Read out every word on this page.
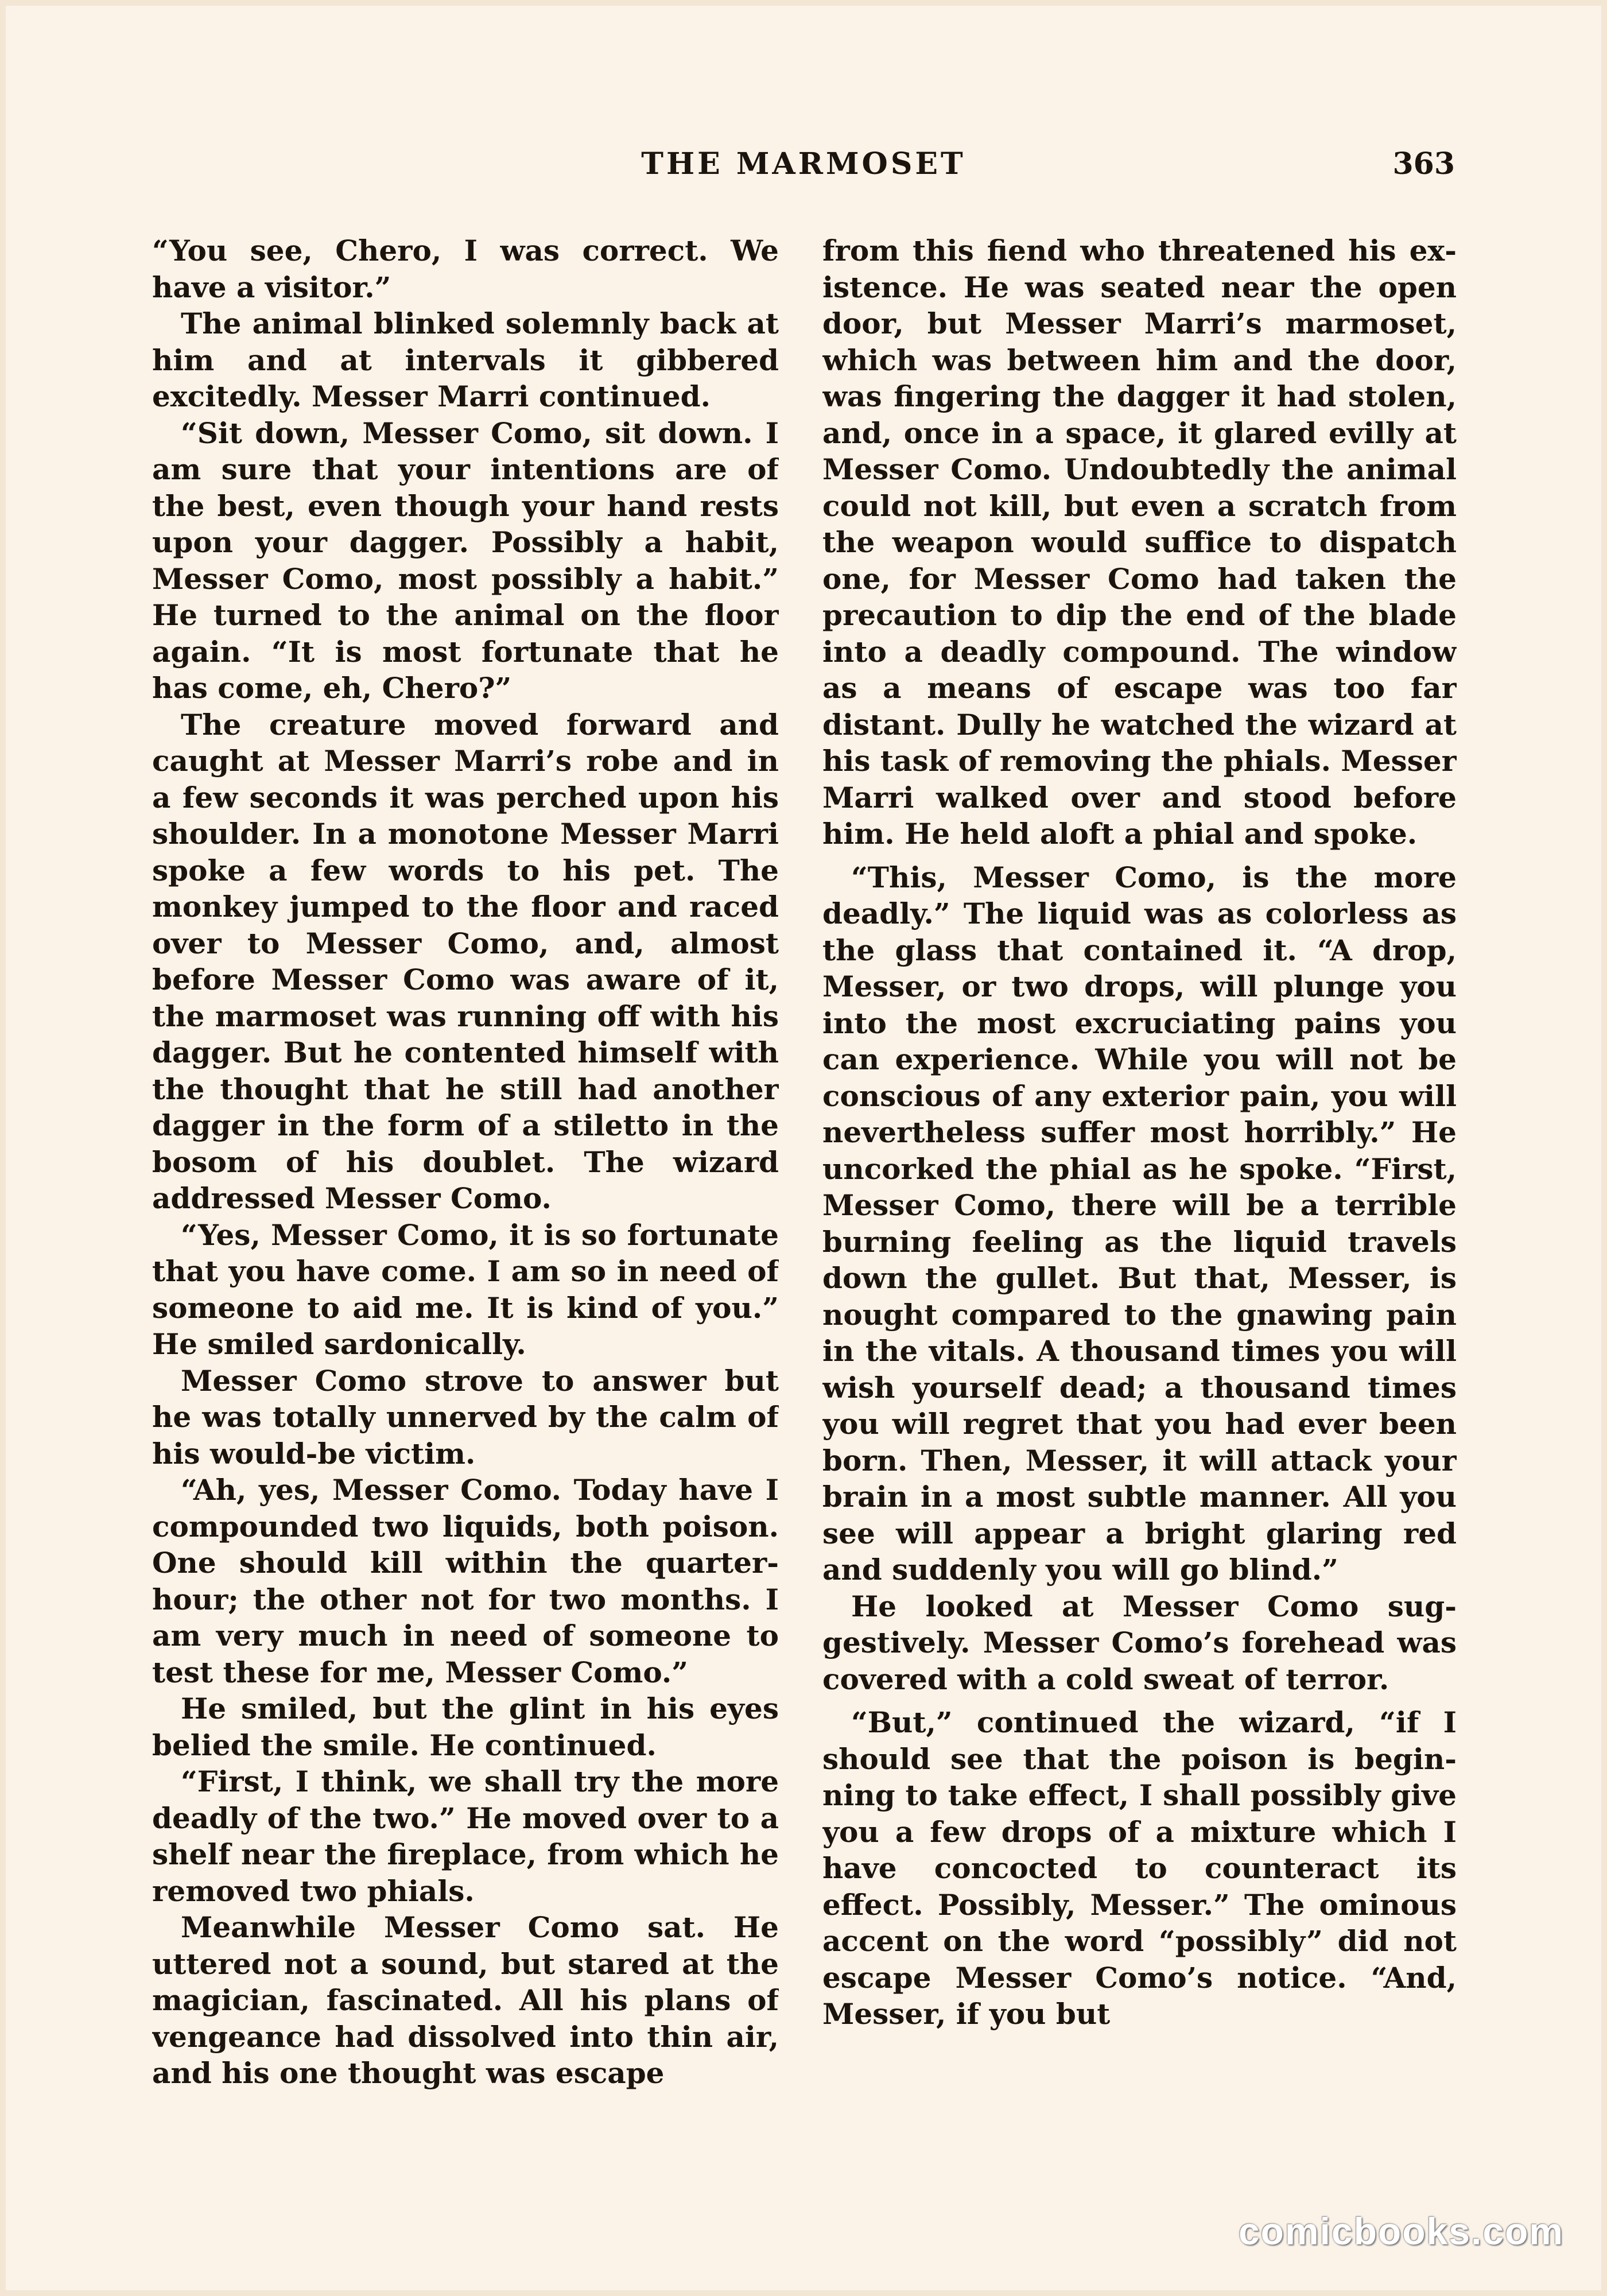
THE MARMOSET	363

“You see, Chero, I was correct. We have a visitor.”

The animal blinked solemnly back at him and at intervals it gibbered excitedly. Messer Marri continued.

“Sit down, Messer Como, sit down. I am sure that your intentions are of the best, even though your hand rests upon your dagger. Possibly a habit, Messer Como, most possibly a habit.” He turned to the animal on the floor again. “It is most fortunate that he has come, eh, Chero?”

The creature moved forward and caught at Messer Marri’s robe and in a few seconds it was perched upon his shoulder. In a monotone Messer Marri spoke a few words to his pet. The monkey jumped to the floor and raced over to Messer Como, and, almost before Messer Como was aware of it, the marmoset was running off with his dagger. But he contented himself with the thought that he still had another dagger in the form of a stiletto in the bosom of his doublet. The wizard addressed Messer Como.

“Yes, Messer Como, it is so fortunate that you have come. I am so in need of someone to aid me. It is kind of you.” He smiled sardonically.

Messer Como strove to answer but he was totally unnerved by the calm of his would-be victim.

“Ah, yes, Messer Como. Today have I compounded two liquids, both poison. One should kill within the quarter-hour; the other not for two months. I am very much in need of someone to test these for me, Messer Como.”

He smiled, but the glint in his eyes belied the smile. He continued.

“First, I think, we shall try the more deadly of the two.” He moved over to a shelf near the fireplace, from which he removed two phials.

Meanwhile Messer Como sat. He uttered not a sound, but stared at the magician, fascinated. All his plans of vengeance had dissolved into thin air, and his one thought was escape

from this fiend who threatened his existence. He was seated near the open door, but Messer Marri’s marmoset, which was between him and the door, was fingering the dagger it had stolen, and, once in a space, it glared evilly at Messer Como. Undoubtedly the animal could not kill, but even a scratch from the weapon would suffice to dispatch one, for Messer Como had taken the precaution to dip the end of the blade into a deadly compound. The window as a means of escape was too far distant. Dully he watched the wizard at his task of removing the phials. Messer Marri walked over and stood before him. He held aloft a phial and spoke.

“This, Messer Como, is the more deadly.” The liquid was as colorless as the glass that contained it. “A drop, Messer, or two drops, will plunge you into the most excruciating pains you can experience. While you will not be conscious of any exterior pain, you will nevertheless suffer most horribly.” He uncorked the phial as he spoke. “First, Messer Como, there will be a terrible burning feeling as the liquid travels down the gullet. But that, Messer, is nought compared to the gnawing pain in the vitals. A thousand times you will wish yourself dead; a thousand times you will regret that you had ever been born. Then, Messer, it will attack your brain in a most subtle manner. All you see will appear a bright glaring red and suddenly you will go blind.”

He looked at Messer Como suggestively. Messer Como’s forehead was covered with a cold sweat of terror.

“But,” continued the wizard, “if I should see that the poison is beginning to take effect, I shall possibly give you a few drops of a mixture which I have concocted to counteract its effect. Possibly, Messer.” The ominous accent on the word “possibly” did not escape Messer Como’s notice. “And, Messer, if you but

comicbooks.com
